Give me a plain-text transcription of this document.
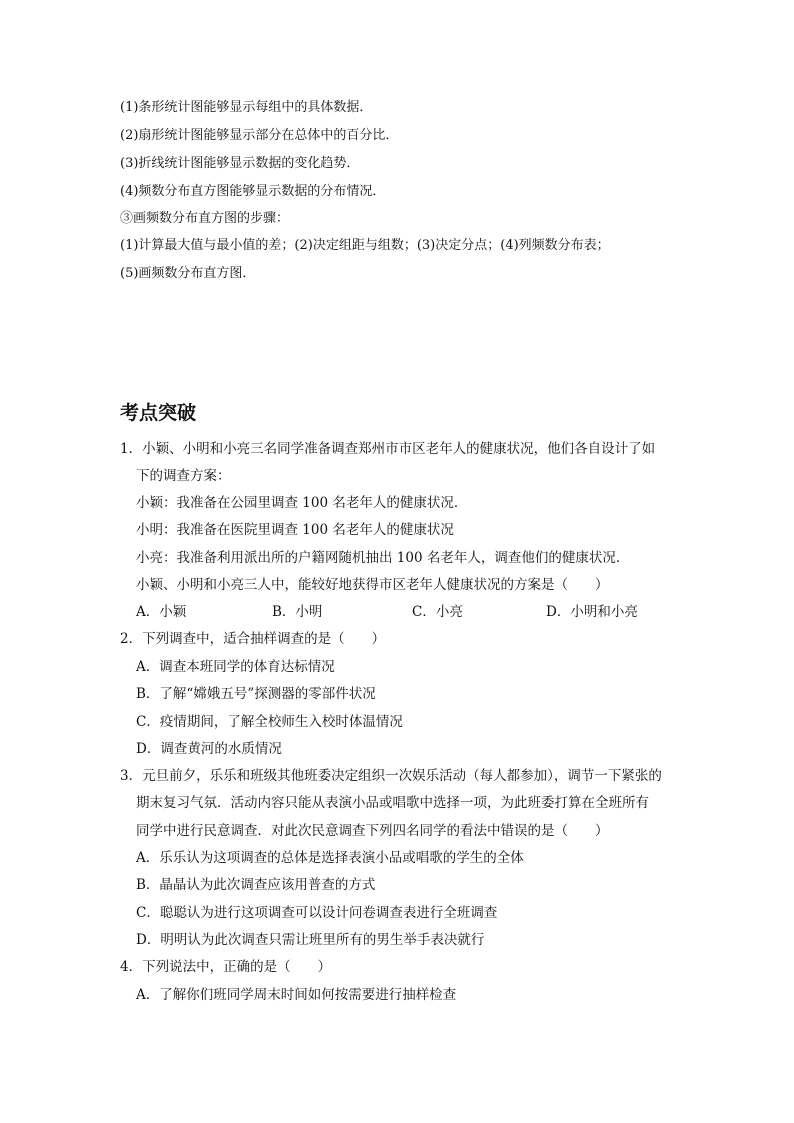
(1)条形统计图能够显示每组中的具体数据．
(2)扇形统计图能够显示部分在总体中的百分比．
(3)折线统计图能够显示数据的变化趋势．
(4)频数分布直方图能够显示数据的分布情况．
③画频数分布直方图的步骤：
(1)计算最大值与最小值的差；(2)决定组距与组数；(3)决定分点；(4)列频数分布表；
(5)画频数分布直方图．
考点突破
1．小颖、小明和小亮三名同学准备调查郑州市市区老年人的健康状况，他们各自设计了如
下的调查方案：
小颖：我准备在公园里调查 100 名老年人的健康状况．
小明：我准备在医院里调查 100 名老年人的健康状况
小亮：我准备利用派出所的户籍网随机抽出 100 名老年人，调查他们的健康状况．
小颖、小明和小亮三人中，能较好地获得市区老年人健康状况的方案是（　　）
A．小颖	B．小明	C．小亮	D．小明和小亮
2．下列调查中，适合抽样调查的是（　　）
A．调查本班同学的体育达标情况
B．了解“嫦娥五号”探测器的零部件状况
C．疫情期间，了解全校师生入校时体温情况
D．调查黄河的水质情况
3．元旦前夕，乐乐和班级其他班委决定组织一次娱乐活动（每人都参加），调节一下紧张的
期末复习气氛．活动内容只能从表演小品或唱歌中选择一项，为此班委打算在全班所有
同学中进行民意调查．对此次民意调查下列四名同学的看法中错误的是（　　）
A．乐乐认为这项调查的总体是选择表演小品或唱歌的学生的全体
B．晶晶认为此次调查应该用普查的方式
C．聪聪认为进行这项调查可以设计问卷调查表进行全班调查
D．明明认为此次调查只需让班里所有的男生举手表决就行
4．下列说法中，正确的是（　　）
A．了解你们班同学周末时间如何按需要进行抽样检查
